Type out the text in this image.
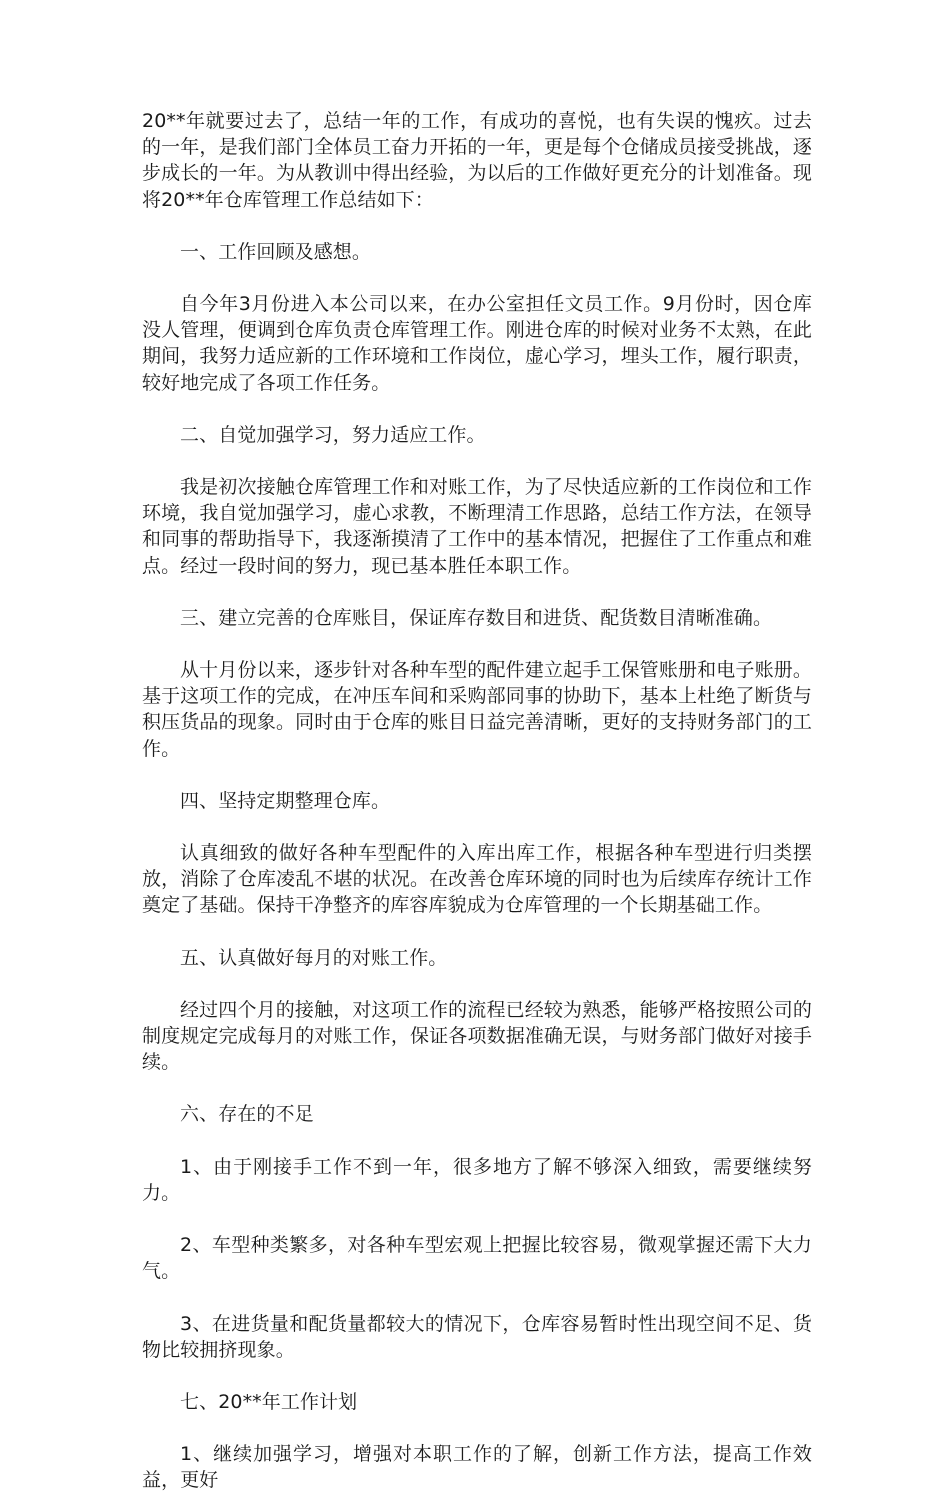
20**年就要过去了，总结一年的工作，有成功的喜悦，也有失误的愧疚。过去的一年，是我们部门全体员工奋力开拓的一年，更是每个仓储成员接受挑战，逐步成长的一年。为从教训中得出经验，为以后的工作做好更充分的计划准备。现将20**年仓库管理工作总结如下：

一、工作回顾及感想。

自今年3月份进入本公司以来，在办公室担任文员工作。9月份时，因仓库没人管理，便调到仓库负责仓库管理工作。刚进仓库的时候对业务不太熟，在此期间，我努力适应新的工作环境和工作岗位，虚心学习，埋头工作，履行职责，较好地完成了各项工作任务。

二、自觉加强学习，努力适应工作。

我是初次接触仓库管理工作和对账工作，为了尽快适应新的工作岗位和工作环境，我自觉加强学习，虚心求教，不断理清工作思路，总结工作方法，在领导和同事的帮助指导下，我逐渐摸清了工作中的基本情况，把握住了工作重点和难点。经过一段时间的努力，现已基本胜任本职工作。

三、建立完善的仓库账目，保证库存数目和进货、配货数目清晰准确。

从十月份以来，逐步针对各种车型的配件建立起手工保管账册和电子账册。基于这项工作的完成，在冲压车间和采购部同事的协助下，基本上杜绝了断货与积压货品的现象。同时由于仓库的账目日益完善清晰，更好的支持财务部门的工作。

四、坚持定期整理仓库。

认真细致的做好各种车型配件的入库出库工作，根据各种车型进行归类摆放，消除了仓库凌乱不堪的状况。在改善仓库环境的同时也为后续库存统计工作奠定了基础。保持干净整齐的库容库貌成为仓库管理的一个长期基础工作。

五、认真做好每月的对账工作。

经过四个月的接触，对这项工作的流程已经较为熟悉，能够严格按照公司的制度规定完成每月的对账工作，保证各项数据准确无误，与财务部门做好对接手续。

六、存在的不足

1、由于刚接手工作不到一年，很多地方了解不够深入细致，需要继续努力。

2、车型种类繁多，对各种车型宏观上把握比较容易，微观掌握还需下大力气。

3、在进货量和配货量都较大的情况下，仓库容易暂时性出现空间不足、货物比较拥挤现象。

七、20**年工作计划

1、继续加强学习，增强对本职工作的了解，创新工作方法，提高工作效益，更好
